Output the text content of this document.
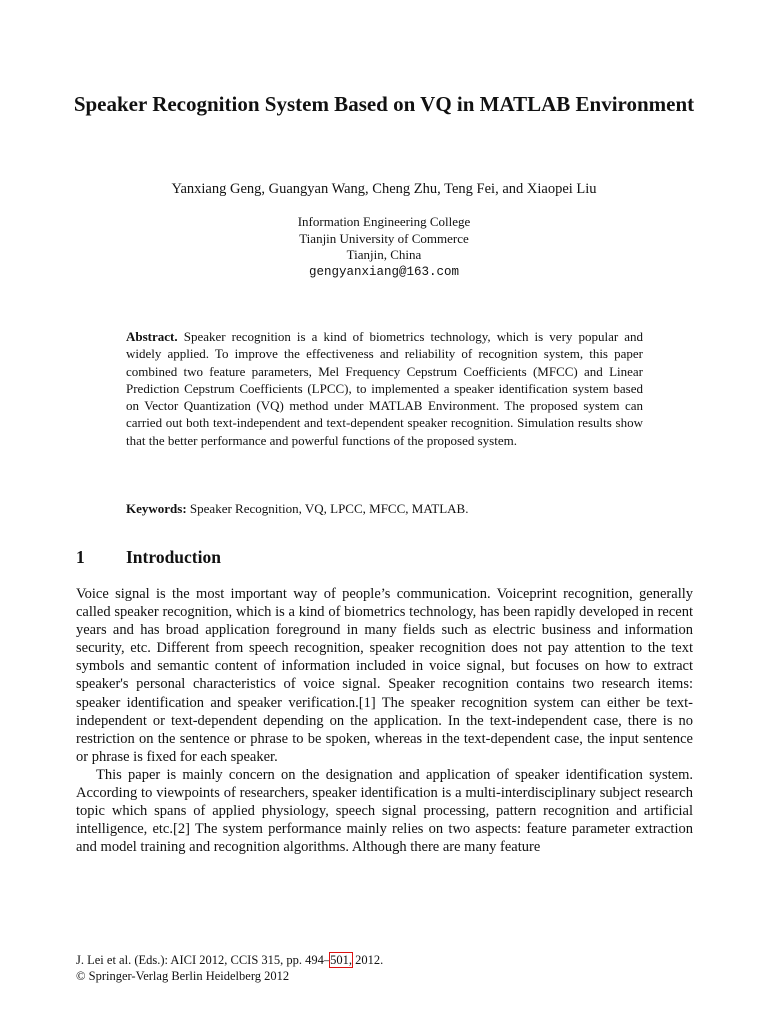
Speaker Recognition System Based on VQ in MATLAB Environment
Yanxiang Geng, Guangyan Wang, Cheng Zhu, Teng Fei, and Xiaopei Liu
Information Engineering College
Tianjin University of Commerce
Tianjin, China
gengyanxiang@163.com
Abstract. Speaker recognition is a kind of biometrics technology, which is very popular and widely applied. To improve the effectiveness and reliability of recognition system, this paper combined two feature parameters, Mel Frequency Cepstrum Coefficients (MFCC) and Linear Prediction Cepstrum Coefficients (LPCC), to implemented a speaker identification system based on Vector Quantization (VQ) method under MATLAB Environment. The proposed system can carried out both text-independent and text-dependent speaker recognition. Simulation results show that the better performance and powerful functions of the proposed system.
Keywords: Speaker Recognition, VQ, LPCC, MFCC, MATLAB.
1 Introduction

Voice signal is the most important way of people’s communication. Voiceprint recognition, generally called speaker recognition, which is a kind of biometrics technology, has been rapidly developed in recent years and has broad application foreground in many fields such as electric business and information security, etc. Different from speech recognition, speaker recognition does not pay attention to the text symbols and semantic content of information included in voice signal, but focuses on how to extract speaker's personal characteristics of voice signal. Speaker recognition contains two research items: speaker identification and speaker verification.[1] The speaker recognition system can either be text-independent or text-dependent depending on the application. In the text-independent case, there is no restriction on the sentence or phrase to be spoken, whereas in the text-dependent case, the input sentence or phrase is fixed for each speaker.

This paper is mainly concern on the designation and application of speaker identification system. According to viewpoints of researchers, speaker identification is a multi-interdisciplinary subject research topic which spans of applied physiology, speech signal processing, pattern recognition and artificial intelligence, etc.[2] The system performance mainly relies on two aspects: feature parameter extraction and model training and recognition algorithms. Although there are many feature

J. Lei et al. (Eds.): AICI 2012, CCIS 315, pp. 494–501, 2012.
© Springer-Verlag Berlin Heidelberg 2012
